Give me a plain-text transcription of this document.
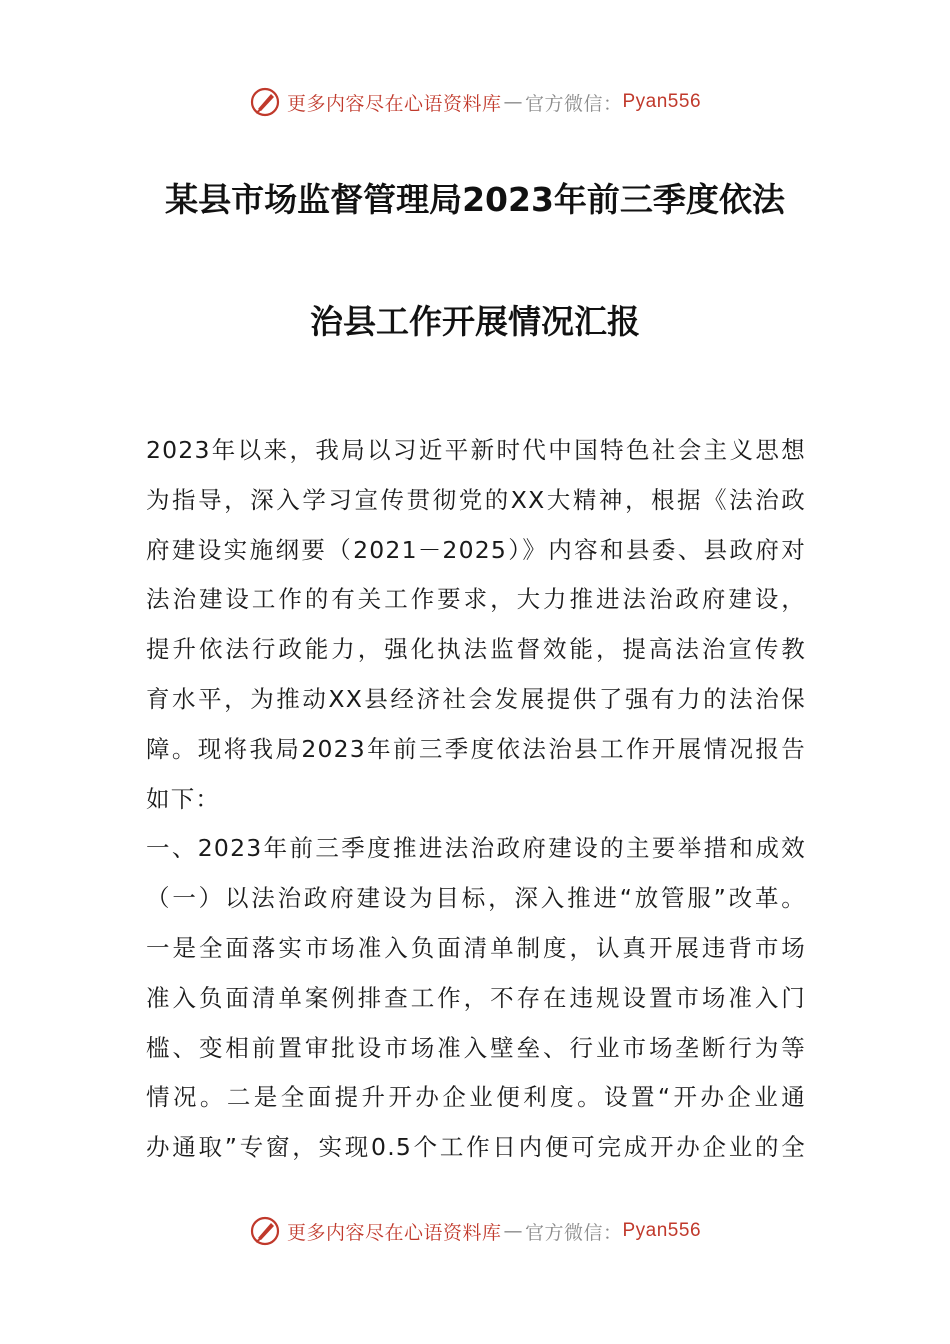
更多内容尽在心语资料库 — 官方微信： Pyan556
某县市场监督管理局2023年前三季度依法
治县工作开展情况汇报
2023年以来，我局以习近平新时代中国特色社会主义思想
为指导，深入学习宣传贯彻党的XX大精神，根据《法治政
府建设实施纲要（2021－2025）》内容和县委、县政府对
法治建设工作的有关工作要求，大力推进法治政府建设，
提升依法行政能力，强化执法监督效能，提高法治宣传教
育水平，为推动XX县经济社会发展提供了强有力的法治保
障。现将我局2023年前三季度依法治县工作开展情况报告
如下：
一、2023年前三季度推进法治政府建设的主要举措和成效
（一）以法治政府建设为目标，深入推进“放管服”改革。
一是全面落实市场准入负面清单制度，认真开展违背市场
准入负面清单案例排查工作，不存在违规设置市场准入门
槛、变相前置审批设市场准入壁垒、行业市场垄断行为等
情况。二是全面提升开办企业便利度。设置“开办企业通
办通取”专窗，实现0.5个工作日内便可完成开办企业的全
更多内容尽在心语资料库 — 官方微信： Pyan556
